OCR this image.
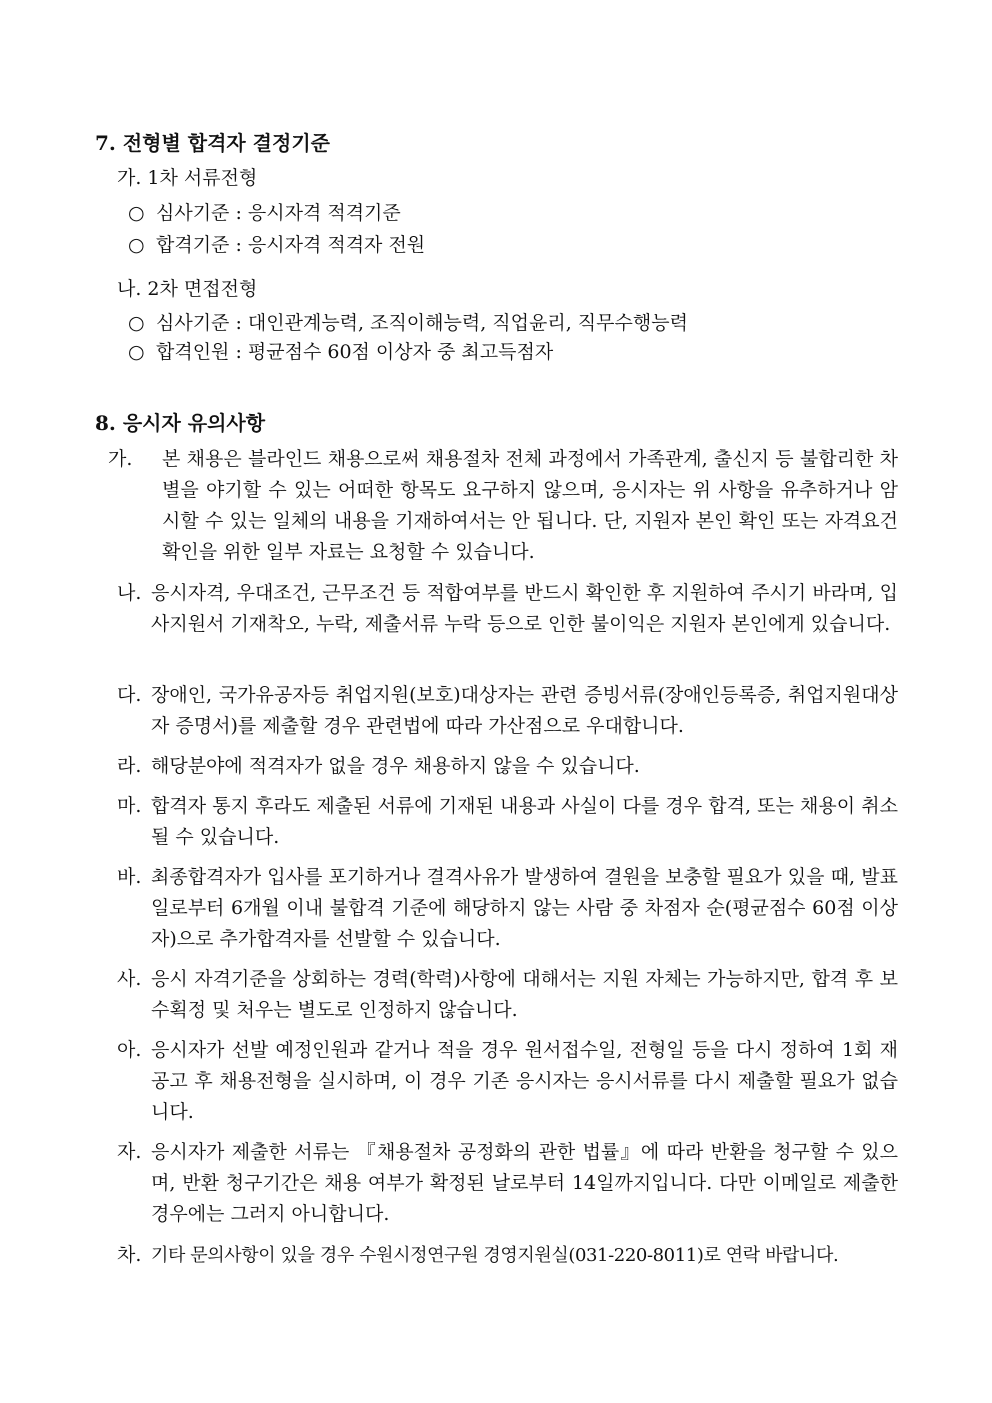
7. 전형별 합격자 결정기준
가. 1차 서류전형
○ 심사기준 : 응시자격 적격기준
○ 합격기준 : 응시자격 적격자 전원
나. 2차 면접전형
○ 심사기준 : 대인관계능력, 조직이해능력, 직업윤리, 직무수행능력
○ 합격인원 : 평균점수 60점 이상자 중 최고득점자
8. 응시자 유의사항
가.	본 채용은 블라인드 채용으로써 채용절차 전체 과정에서 가족관계, 출신지 등 불합리한 차별을 야기할 수 있는 어떠한 항목도 요구하지 않으며, 응시자는 위 사항을 유추하거나 암시할 수 있는 일체의 내용을 기재하여서는 안 됩니다. 단, 지원자 본인 확인 또는 자격요건 확인을 위한 일부 자료는 요청할 수 있습니다.
나. 응시자격, 우대조건, 근무조건 등 적합여부를 반드시 확인한 후 지원하여 주시기 바라며, 입사지원서 기재착오, 누락, 제출서류 누락 등으로 인한 불이익은 지원자 본인에게 있습니다.
다. 장애인, 국가유공자등 취업지원(보호)대상자는 관련 증빙서류(장애인등록증, 취업지원대상자 증명서)를 제출할 경우 관련법에 따라 가산점으로 우대합니다.
라. 해당분야에 적격자가 없을 경우 채용하지 않을 수 있습니다.
마. 합격자 통지 후라도 제출된 서류에 기재된 내용과 사실이 다를 경우 합격, 또는 채용이 취소될 수 있습니다.
바. 최종합격자가 입사를 포기하거나 결격사유가 발생하여 결원을 보충할 필요가 있을 때, 발표일로부터 6개월 이내 불합격 기준에 해당하지 않는 사람 중 차점자 순(평균점수 60점 이상자)으로 추가합격자를 선발할 수 있습니다.
사. 응시 자격기준을 상회하는 경력(학력)사항에 대해서는 지원 자체는 가능하지만, 합격 후 보수획정 및 처우는 별도로 인정하지 않습니다.
아. 응시자가 선발 예정인원과 같거나 적을 경우 원서접수일, 전형일 등을 다시 정하여 1회 재공고 후 채용전형을 실시하며, 이 경우 기존 응시자는 응시서류를 다시 제출할 필요가 없습니다.
자. 응시자가 제출한 서류는 『채용절차 공정화의 관한 법률』에 따라 반환을 청구할 수 있으며, 반환 청구기간은 채용 여부가 확정된 날로부터 14일까지입니다. 다만 이메일로 제출한 경우에는 그러지 아니합니다.
차. 기타 문의사항이 있을 경우 수원시정연구원 경영지원실(031-220-8011)로 연락 바랍니다.
